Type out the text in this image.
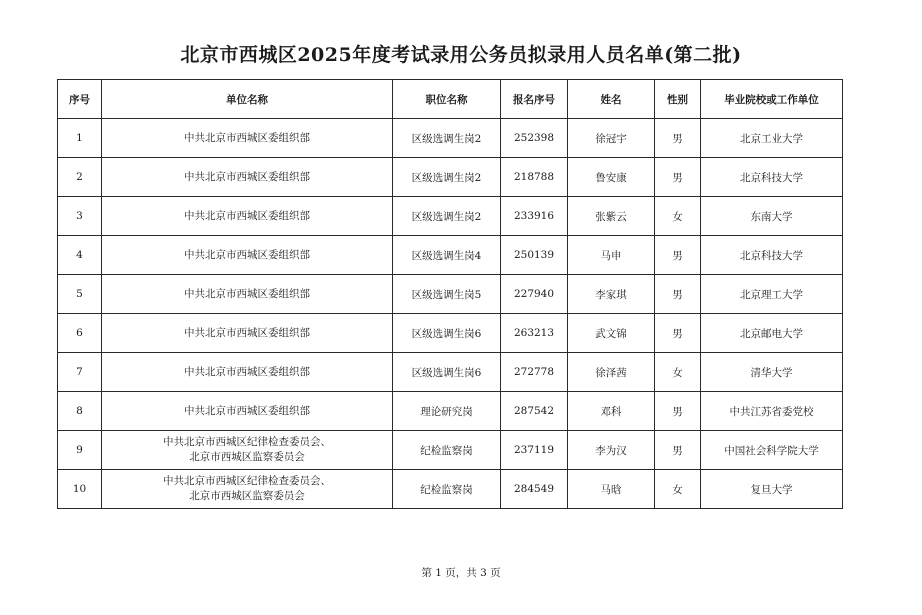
北京市西城区2025年度考试录用公务员拟录用人员名单(第二批)
序号	单位名称	职位名称	报名序号	姓名	性别	毕业院校或工作单位
1	中共北京市西城区委组织部	区级选调生岗2	252398	徐冠宇	男	北京工业大学
2	中共北京市西城区委组织部	区级选调生岗2	218788	鲁安康	男	北京科技大学
3	中共北京市西城区委组织部	区级选调生岗2	233916	张紫云	女	东南大学
4	中共北京市西城区委组织部	区级选调生岗4	250139	马申	男	北京科技大学
5	中共北京市西城区委组织部	区级选调生岗5	227940	李家琪	男	北京理工大学
6	中共北京市西城区委组织部	区级选调生岗6	263213	武文锦	男	北京邮电大学
7	中共北京市西城区委组织部	区级选调生岗6	272778	徐泽茜	女	清华大学
8	中共北京市西城区委组织部	理论研究岗	287542	邓科	男	中共江苏省委党校
9	中共北京市西城区纪律检查委员会、
北京市西城区监察委员会	纪检监察岗	237119	李为汉	男	中国社会科学院大学
10	中共北京市西城区纪律检查委员会、
北京市西城区监察委员会	纪检监察岗	284549	马晗	女	复旦大学
第 1 页，共 3 页
